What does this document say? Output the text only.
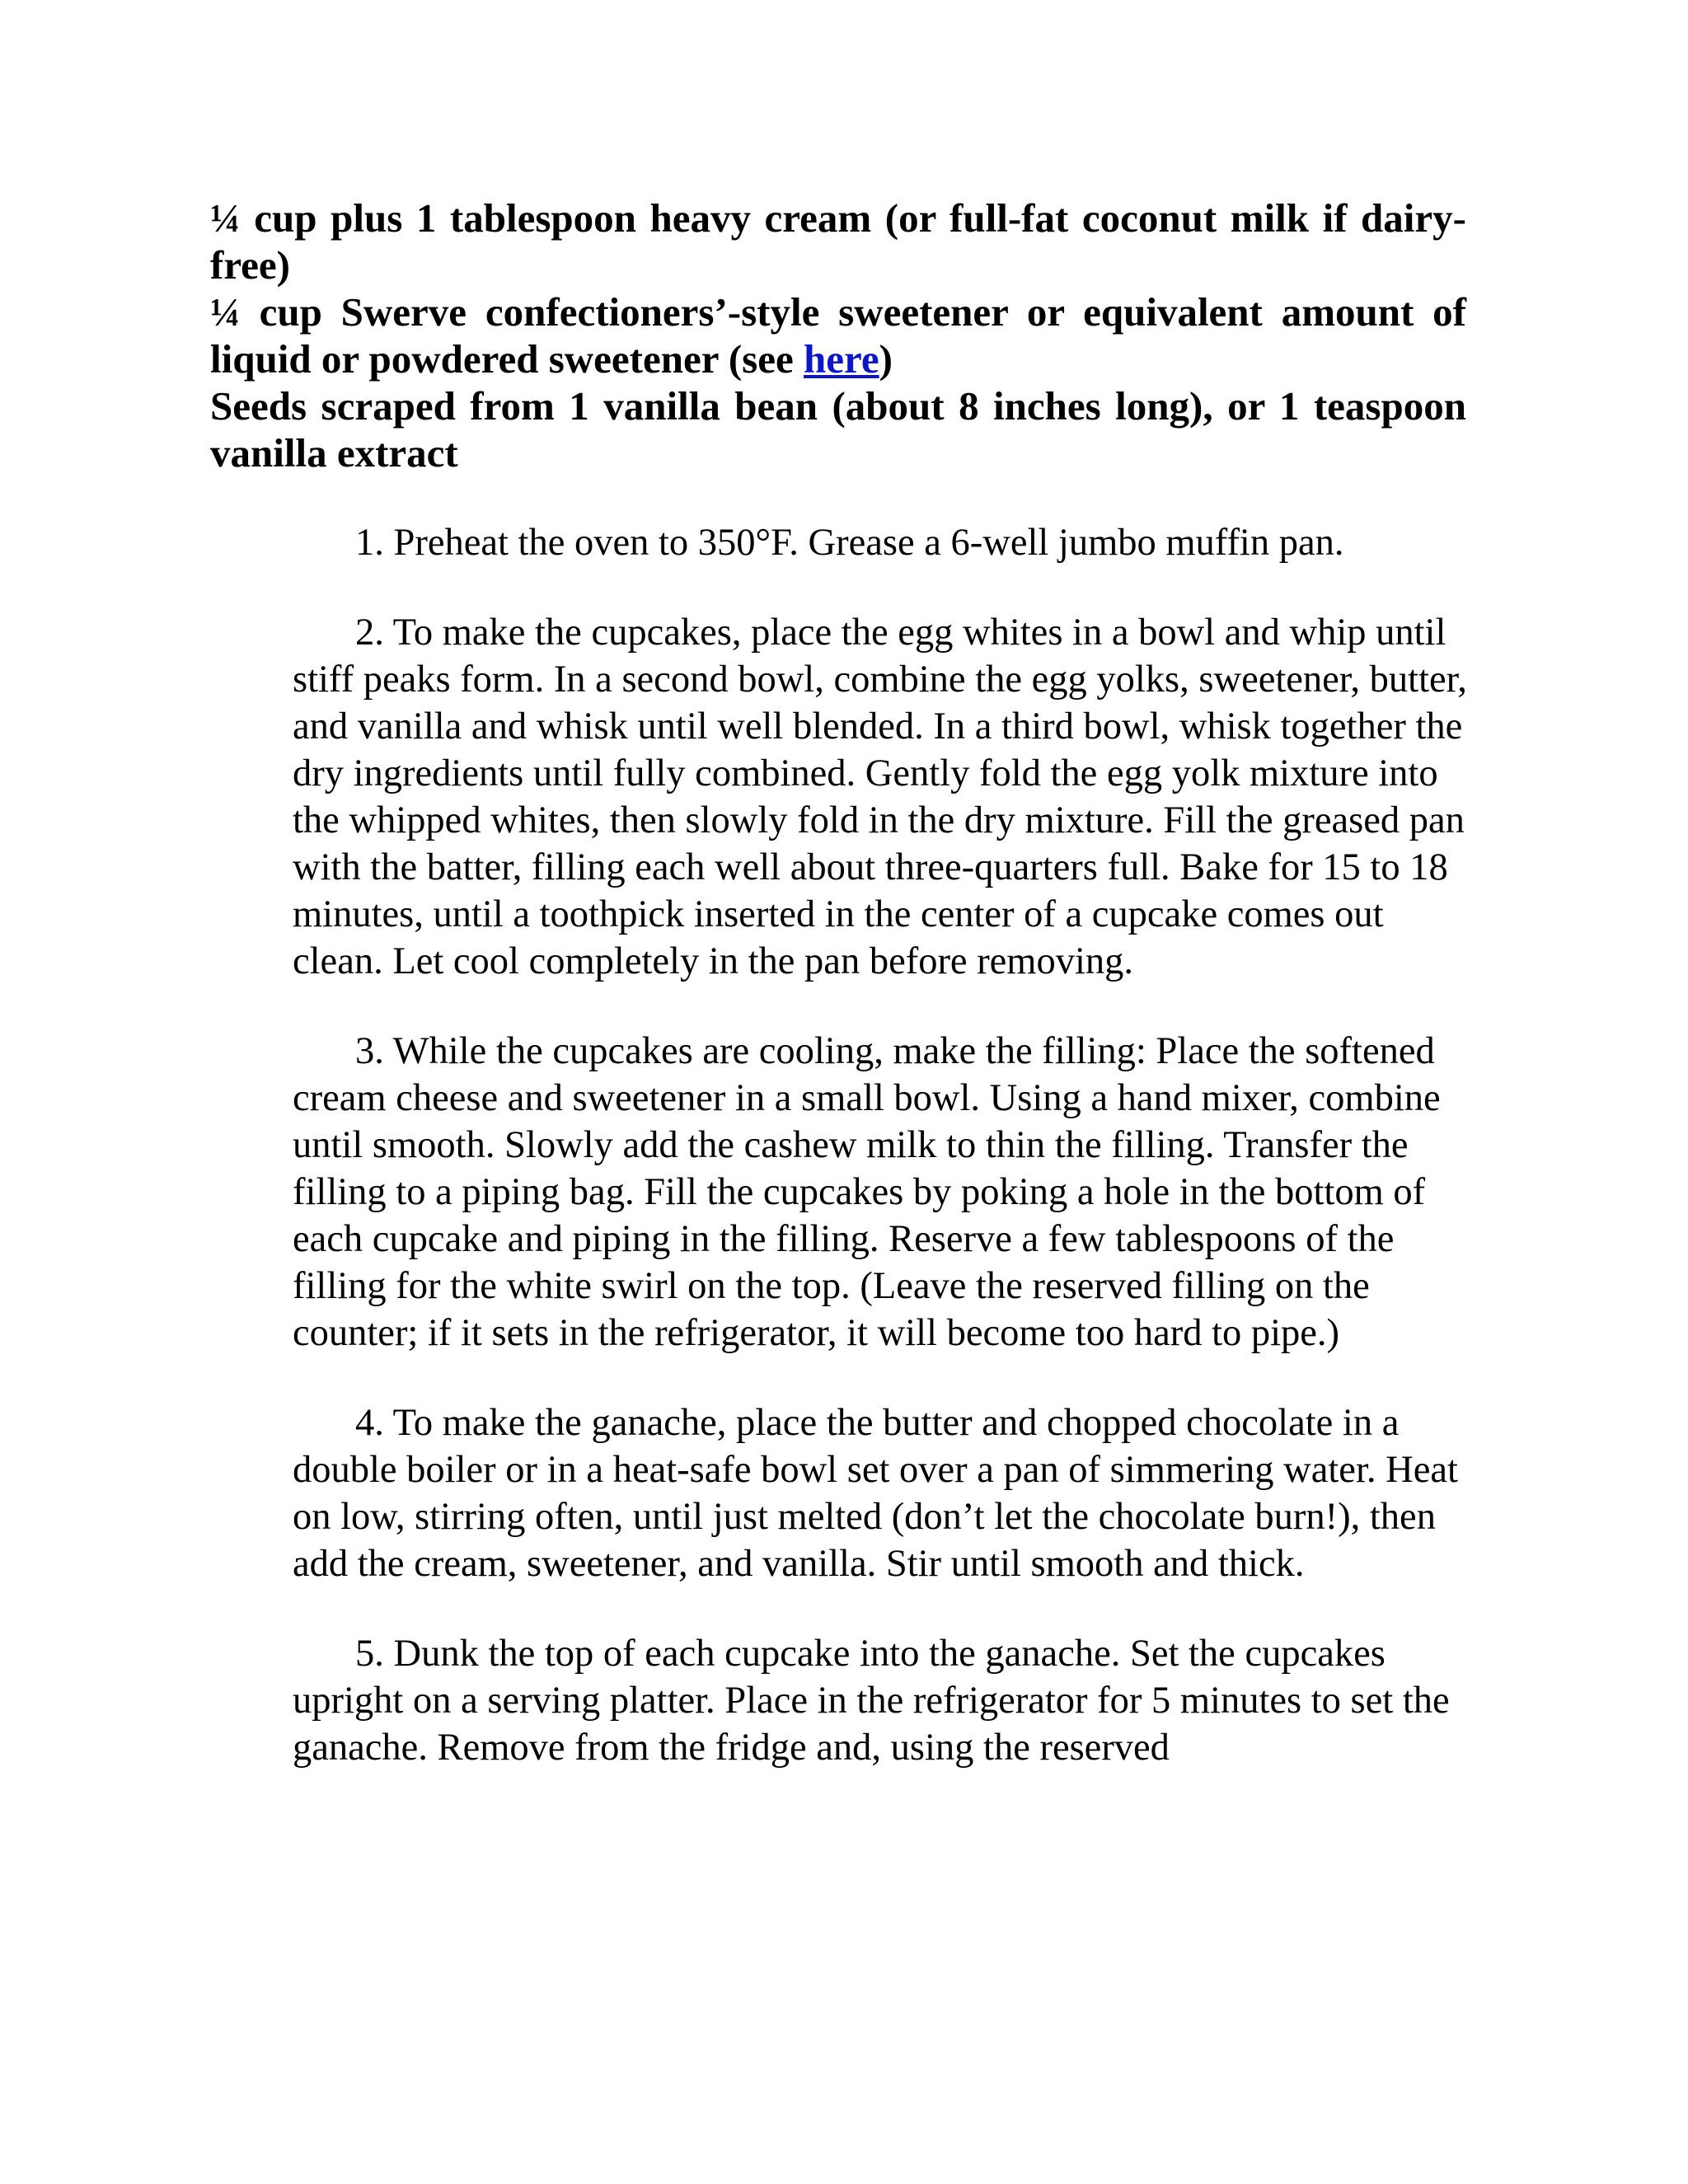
¼ cup plus 1 tablespoon heavy cream (or full-fat coconut milk if dairy-free)

¼ cup Swerve confectioners’-style sweetener or equivalent amount of liquid or powdered sweetener (see here)

Seeds scraped from 1 vanilla bean (about 8 inches long), or 1 teaspoon vanilla extract

1. Preheat the oven to 350°F. Grease a 6-well jumbo muffin pan.

2. To make the cupcakes, place the egg whites in a bowl and whip until stiff peaks form. In a second bowl, combine the egg yolks, sweetener, butter, and vanilla and whisk until well blended. In a third bowl, whisk together the dry ingredients until fully combined. Gently fold the egg yolk mixture into the whipped whites, then slowly fold in the dry mixture. Fill the greased pan with the batter, filling each well about three-quarters full. Bake for 15 to 18 minutes, until a toothpick inserted in the center of a cupcake comes out clean. Let cool completely in the pan before removing.

3. While the cupcakes are cooling, make the filling: Place the softened cream cheese and sweetener in a small bowl. Using a hand mixer, combine until smooth. Slowly add the cashew milk to thin the filling. Transfer the filling to a piping bag. Fill the cupcakes by poking a hole in the bottom of each cupcake and piping in the filling. Reserve a few tablespoons of the filling for the white swirl on the top. (Leave the reserved filling on the counter; if it sets in the refrigerator, it will become too hard to pipe.)

4. To make the ganache, place the butter and chopped chocolate in a double boiler or in a heat-safe bowl set over a pan of simmering water. Heat on low, stirring often, until just melted (don’t let the chocolate burn!), then add the cream, sweetener, and vanilla. Stir until smooth and thick.

5. Dunk the top of each cupcake into the ganache. Set the cupcakes upright on a serving platter. Place in the refrigerator for 5 minutes to set the ganache. Remove from the fridge and, using the reserved
